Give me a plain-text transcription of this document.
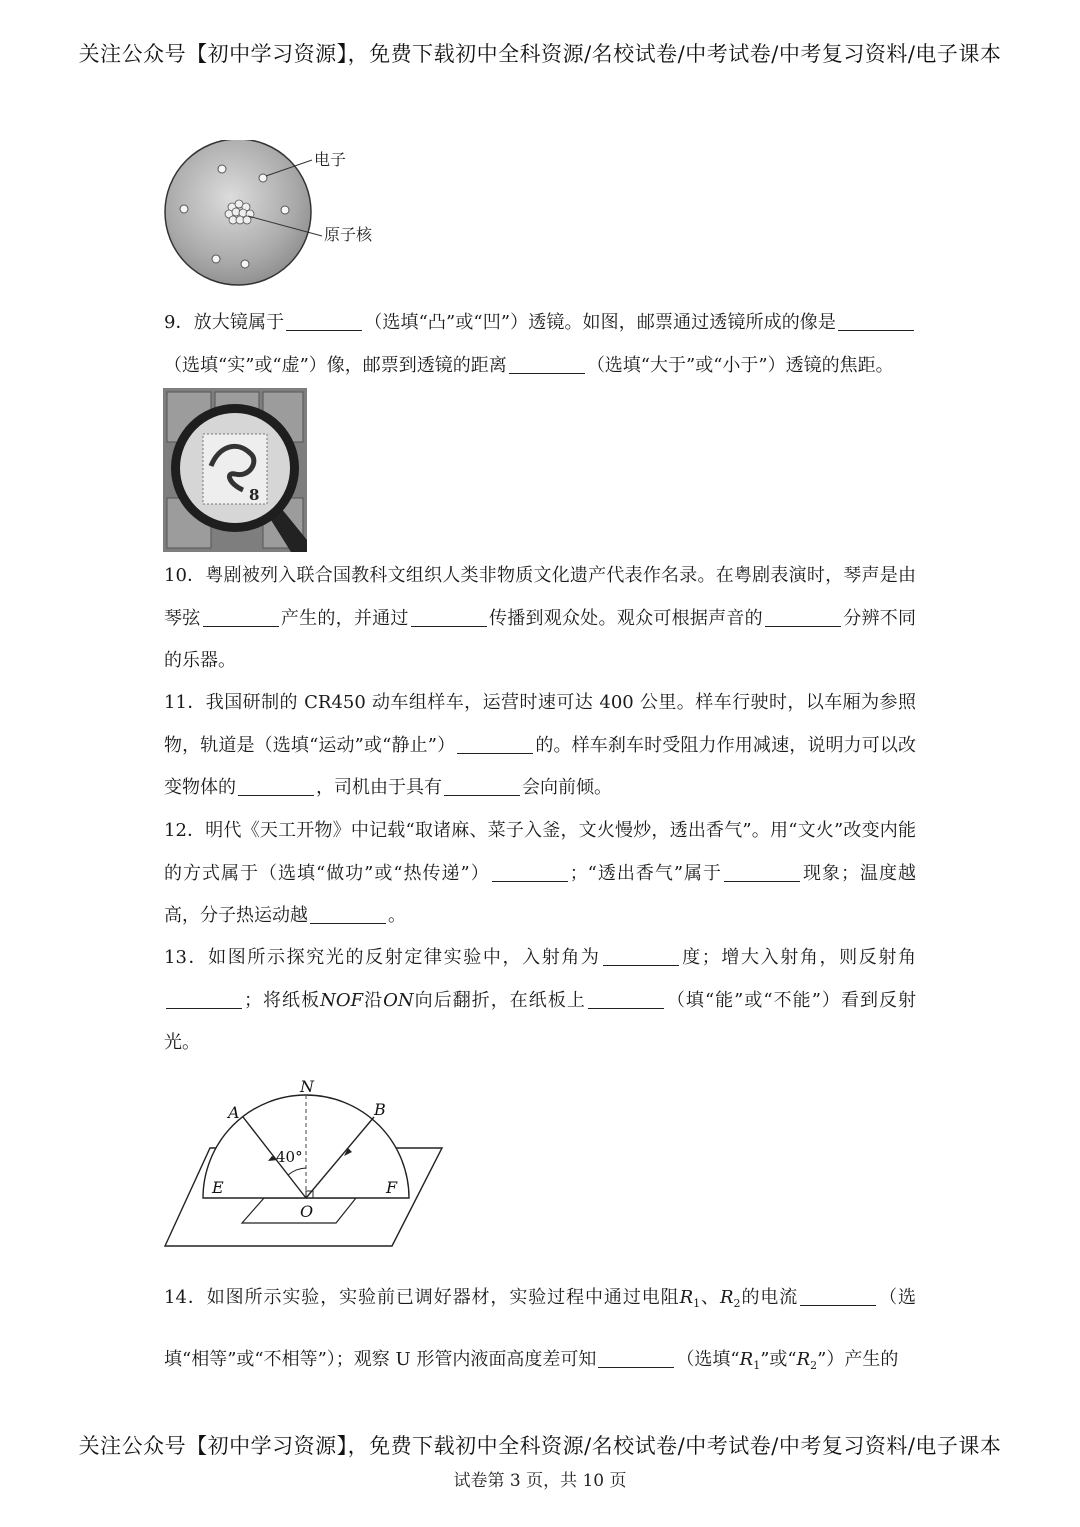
关注公众号【初中学习资源】，免费下载初中全科资源/名校试卷/中考试卷/中考复习资料/电子课本
电子
原子核
8
N
A	B
E	F
O
40°

9．放大镜属于	（选填“凸”或“凹”）透镜。如图，邮票通过透镜所成的像是（选填“实”或“虚”）像，邮票到透镜的距离	（选填“大于”或“小于”）透镜的焦距。

10．粤剧被列入联合国教科文组织人类非物质文化遗产代表作名录。在粤剧表演时，琴声是由琴弦	产生的，并通过	传播到观众处。观众可根据声音的	分辨不同的乐器。

11．我国研制的 CR450 动车组样车，运营时速可达 400 公里。样车行驶时，以车厢为参照物，轨道是（选填“运动”或“静止”）	的。样车刹车时受阻力作用减速，说明力可以改变物体的	，司机由于具有	会向前倾。

12．明代《天工开物》中记载“取诸麻、菜子入釜，文火慢炒，透出香气”。用“文火”改变内能的方式属于（选填“做功”或“热传递”）	；“透出香气”属于	现象；温度越高，分子热运动越	。

13．如图所示探究光的反射定律实验中，入射角为	度；增大入射角，则反射角；将纸板NOF沿ON向后翻折，在纸板上	（填“能”或“不能”）看到反射光。

14．如图所示实验，实验前已调好器材，实验过程中通过电阻$R_1$、$R_2$的电流	（选填“相等”或“不相等”）；观察 U 形管内液面高度差可知	（选填“$R_1$”或“$R_2$”）产生的

关注公众号【初中学习资源】，免费下载初中全科资源/名校试卷/中考试卷/中考复习资料/电子课本
试卷第 3 页，共 10 页
